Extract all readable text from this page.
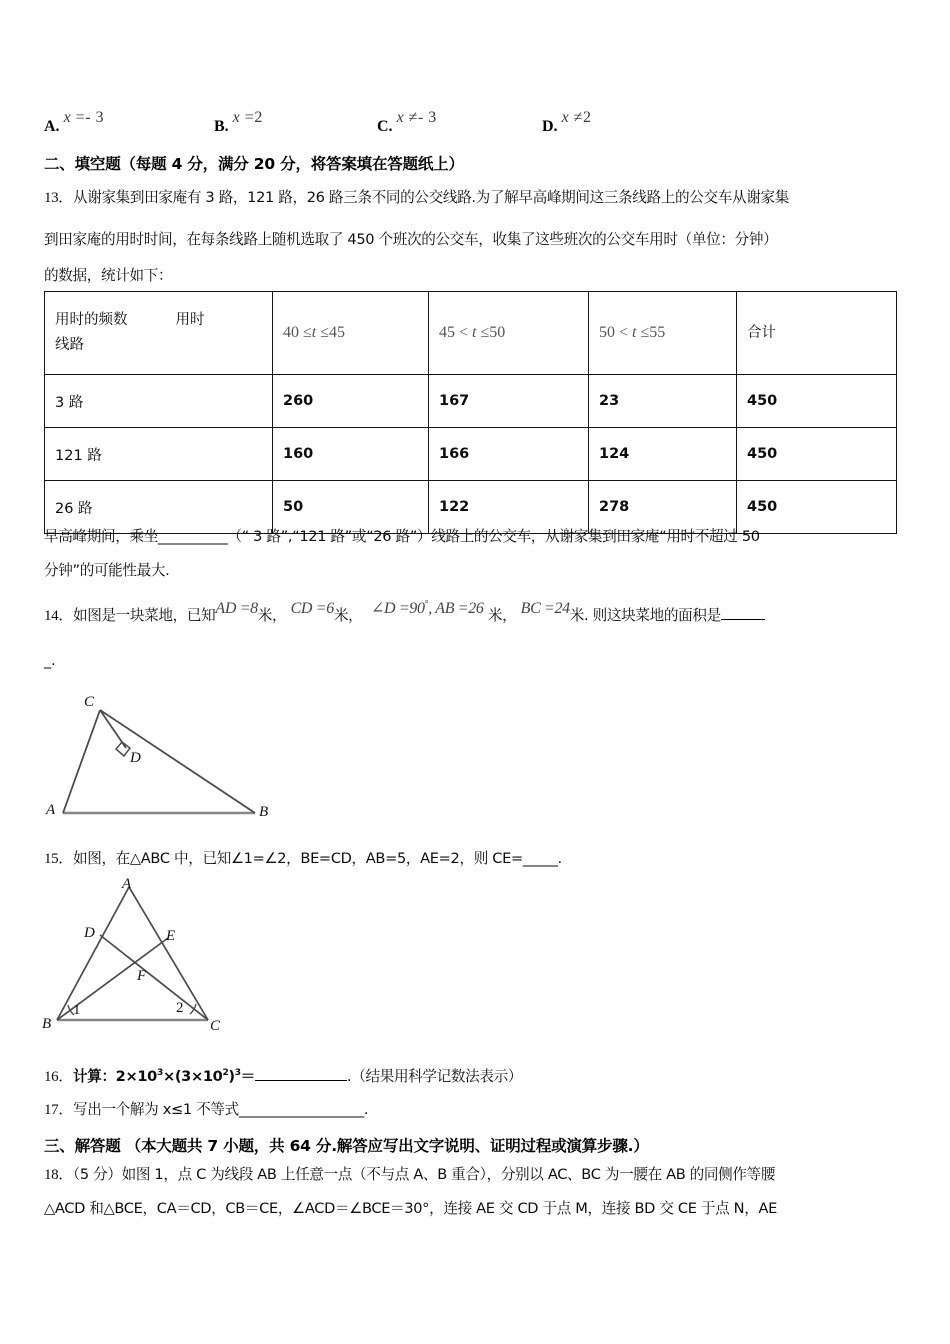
A.x =- 3
B.x =2
C.x ≠- 3
D.x ≠2
二、填空题（每题 4 分，满分 20 分，将答案填在答题纸上）
13．从谢家集到田家庵有 3 路，121 路，26 路三条不同的公交线路.为了解早高峰期间这三条线路上的公交车从谢家集
到田家庵的用时时间，在每条线路上随机选取了 450 个班次的公交车，收集了这些班次的公交车用时（单位：分钟）
的数据，统计如下：
用时的频数 用时
线路	40 ≤t ≤45	45 < t ≤50	50 < t ≤55	合计
3 路	260	167	23	450
121 路	160	166	124	450
26 路	50	122	278	450
早高峰期间，乘坐__________（“ 3 路”,“121 路”或“26 路”）线路上的公交车，从谢家集到田家庵“用时不超过 50
分钟”的可能性最大.
14．如图是一块菜地，已知AD =8米， CD =6米， ∠D =90°, AB =26 米， BC =24米. 则这块菜地的面积是
_.
C
D
A	B
15．如图，在△ABC 中，已知∠1=∠2，BE=CD，AB=5，AE=2，则 CE=_____.
A
D	E
F
1	2
B	C
16．计算：$2\times 10^3\times(3\times 10^2)^3=$	.（结果用科学记数法表示）
17．写出一个解为 x≤1 不等式__________________.
三、解答题 （本大题共 7 小题，共 64 分.解答应写出文字说明、证明过程或演算步骤.）
18．（5 分）如图 1，点 C 为线段 AB 上任意一点（不与点 A、B 重合），分别以 AC、BC 为一腰在 AB 的同侧作等腰
△ACD 和△BCE，CA＝CD，CB＝CE，∠ACD＝∠BCE＝30°，连接 AE 交 CD 于点 M，连接 BD 交 CE 于点 N，AE
